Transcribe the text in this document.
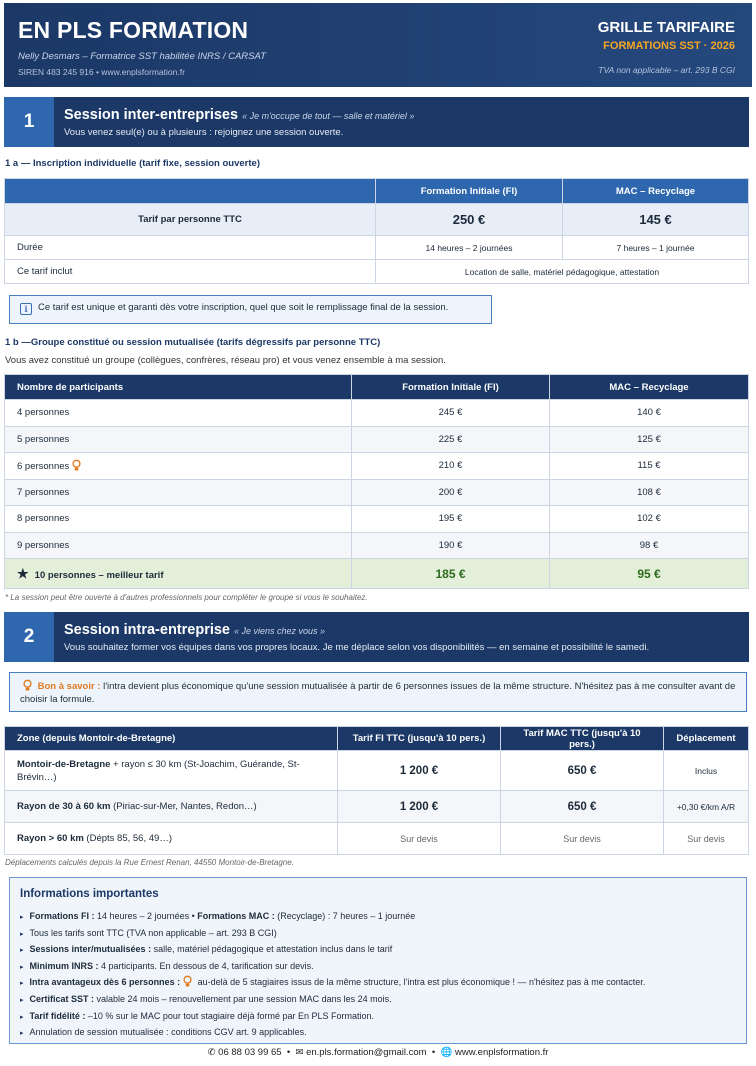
EN PLS FORMATION
Nelly Desmars – Formatrice SST habilitée INRS / CARSAT
SIREN 483 245 916 • www.enplsformation.fr
GRILLE TARIFAIRE
FORMATIONS SST · 2026
TVA non applicable – art. 293 B CGI
1	Session inter-entreprises « Je m'occupe de tout — salle et matériel »
Vous venez seul(e) ou à plusieurs : rejoignez une session ouverte.
1 a — Inscription individuelle (tarif fixe, session ouverte)
	Formation Initiale (FI)	MAC – Recyclage
Tarif par personne TTC	250 €	145 €
Durée	14 heures – 2 journées	7 heures – 1 journée
Ce tarif inclut	Location de salle, matériel pédagogique, attestation	
i Ce tarif est unique et garanti dès votre inscription, quel que soit le remplissage final de la session.
1 b —Groupe constitué ou session mutualisée (tarifs dégressifs par personne TTC)
Vous avez constitué un groupe (collègues, confrères, réseau pro) et vous venez ensemble à ma session.
Nombre de participants	Formation Initiale (FI)	MAC – Recyclage
4 personnes	245 €	140 €
5 personnes	225 €	125 €
6 personnes	210 €	115 €
7 personnes	200 €	108 €
8 personnes	195 €	102 €
9 personnes	190 €	98 €
★ 10 personnes – meilleur tarif	185 €	95 €
* La session peut être ouverte à d'autres professionnels pour compléter le groupe si vous le souhaitez.
2	Session intra-entreprise « Je viens chez vous »
Vous souhaitez former vos équipes dans vos propres locaux. Je me déplace selon vos disponibilités — en semaine et possibilité le samedi.
Bon à savoir : l'intra devient plus économique qu'une session mutualisée à partir de 6 personnes issues de la même structure. N'hésitez pas à me consulter avant de choisir la formule.
Zone (depuis Montoir-de-Bretagne)	Tarif FI TTC (jusqu'à 10 pers.)	Tarif MAC TTC (jusqu'à 10 pers.)	Déplacement
Montoir-de-Bretagne + rayon ≤ 30 km (St-Joachim, Guérande, St-Brévin…)	1 200 €	650 €	Inclus
Rayon de 30 à 60 km (Piriac-sur-Mer, Nantes, Redon…)	1 200 €	650 €	+0,30 €/km A/R
Rayon > 60 km (Dépts 85, 56, 49…)	Sur devis	Sur devis	Sur devis
Déplacements calculés depuis la Rue Ernest Renan, 44550 Montoir-de-Bretagne.
Informations importantes
▸ Formations FI : 14 heures – 2 journées • Formations MAC : (Recyclage) : 7 heures – 1 journée
▸ Tous les tarifs sont TTC (TVA non applicable – art. 293 B CGI)
▸ Sessions inter/mutualisées : salle, matériel pédagogique et attestation inclus dans le tarif
▸ Minimum INRS : 4 participants. En dessous de 4, tarification sur devis.
▸ Intra avantageux dès 6 personnes : au-delà de 5 stagiaires issus de la même structure, l'intra est plus économique ! — n'hésitez pas à me contacter.
▸ Certificat SST : valable 24 mois – renouvellement par une session MAC dans les 24 mois.
▸ Tarif fidélité : –10 % sur le MAC pour tout stagiaire déjà formé par En PLS Formation.
▸ Annulation de session mutualisée : conditions CGV art. 9 applicables.
✆ 06 88 03 99 65  •  ✉ en.pls.formation@gmail.com  •  🌐 www.enplsformation.fr
